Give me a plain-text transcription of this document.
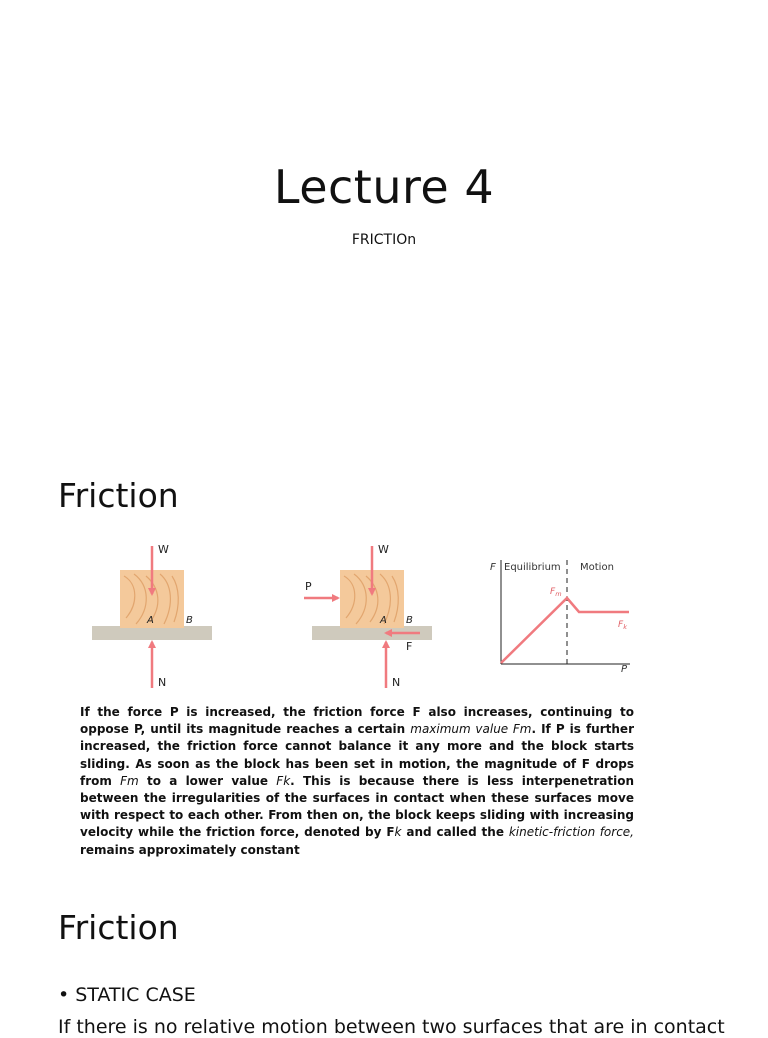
Lecture 4

FRICTIOn

Friction
W
A	B
N
W
P
A B
F
N
F Equilibrium Motion
$F_m$
$F_k$
P

If the force P is increased, the friction force F also increases, continuing to oppose P, until its magnitude reaches a certain maximum value Fm. If P is further increased, the friction force cannot balance it any more and the block starts sliding. As soon as the block has been set in motion, the magnitude of F drops from Fm to a lower value Fk. This is because there is less interpenetration between the irregularities of the surfaces in contact when these surfaces move with respect to each other. From then on, the block keeps sliding with increasing velocity while the friction force, denoted by Fk and called the kinetic-friction force, remains approximately constant

Friction

• STATIC CASE

If there is no relative motion between two surfaces that are in contact
